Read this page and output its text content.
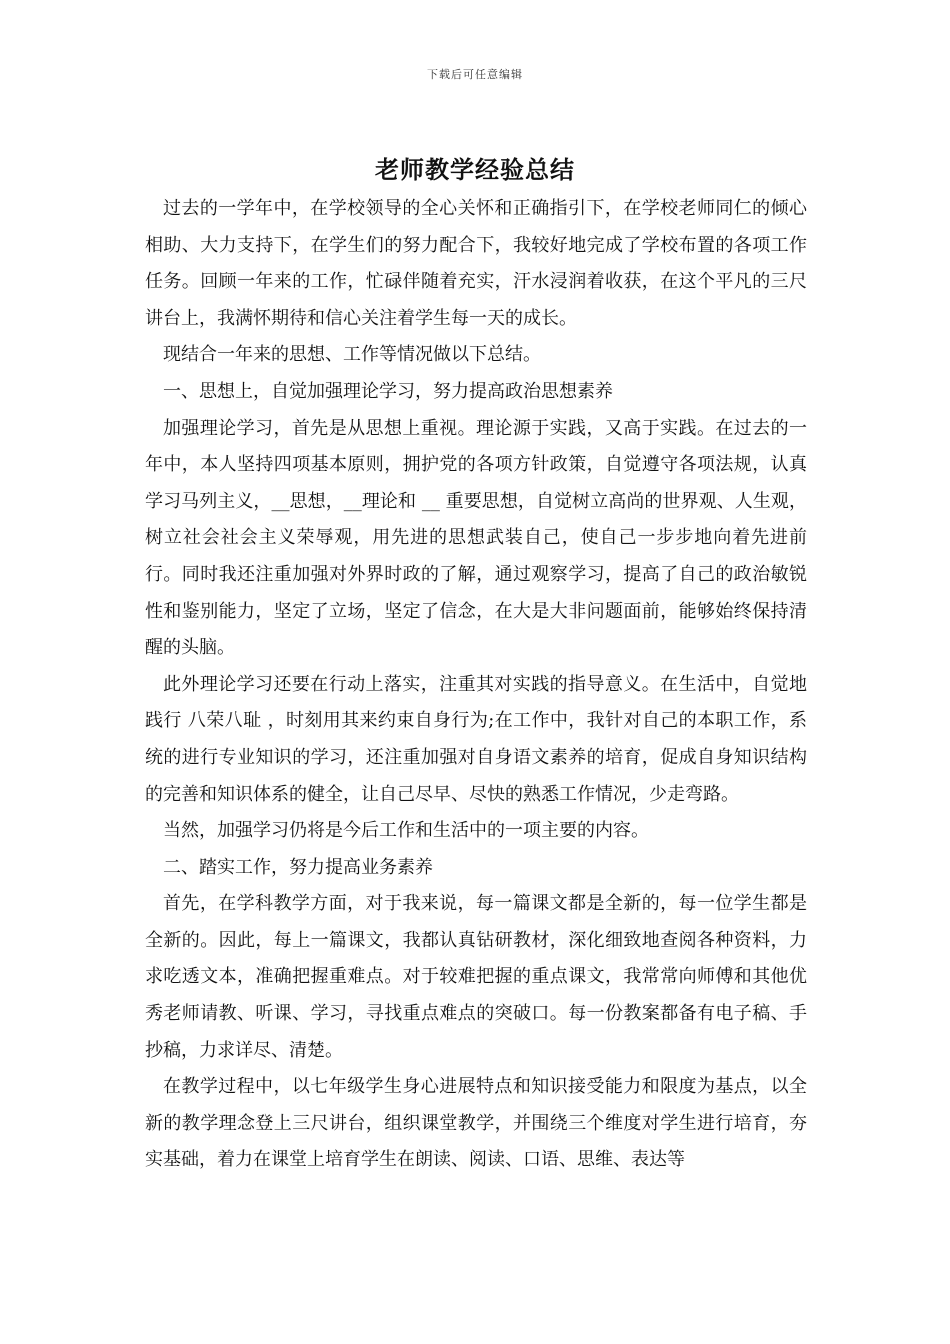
下载后可任意编辑
老师教学经验总结

过去的一学年中，在学校领导的全心关怀和正确指引下，在学校老师同仁的倾心相助、大力支持下，在学生们的努力配合下，我较好地完成了学校布置的各项工作任务。回顾一年来的工作，忙碌伴随着充实，汗水浸润着收获，在这个平凡的三尺讲台上，我满怀期待和信心关注着学生每一天的成长。

现结合一年来的思想、工作等情况做以下总结。

一、思想上，自觉加强理论学习，努力提高政治思想素养

加强理论学习，首先是从思想上重视。理论源于实践，又高于实践。在过去的一年中，本人坚持四项基本原则，拥护党的各项方针政策，自觉遵守各项法规，认真学习马列主义，__思想，__理论和 __ 重要思想，自觉树立高尚的世界观、人生观，树立社会社会主义荣辱观，用先进的思想武装自己，使自己一步步地向着先进前行。同时我还注重加强对外界时政的了解，通过观察学习，提高了自己的政治敏锐性和鉴别能力，坚定了立场，坚定了信念，在大是大非问题面前，能够始终保持清醒的头脑。

此外理论学习还要在行动上落实，注重其对实践的指导意义。在生活中，自觉地践行 八荣八耻 ，时刻用其来约束自身行为;在工作中，我针对自己的本职工作，系统的进行专业知识的学习，还注重加强对自身语文素养的培育，促成自身知识结构的完善和知识体系的健全，让自己尽早、尽快的熟悉工作情况，少走弯路。

当然，加强学习仍将是今后工作和生活中的一项主要的内容。

二、踏实工作，努力提高业务素养

首先，在学科教学方面，对于我来说，每一篇课文都是全新的，每一位学生都是全新的。因此，每上一篇课文，我都认真钻研教材，深化细致地查阅各种资料，力求吃透文本，准确把握重难点。对于较难把握的重点课文，我常常向师傅和其他优秀老师请教、听课、学习，寻找重点难点的突破口。每一份教案都备有电子稿、手抄稿，力求详尽、清楚。

在教学过程中，以七年级学生身心进展特点和知识接受能力和限度为基点，以全新的教学理念登上三尺讲台，组织课堂教学，并围绕三个维度对学生进行培育，夯实基础，着力在课堂上培育学生在朗读、阅读、口语、思维、表达等
